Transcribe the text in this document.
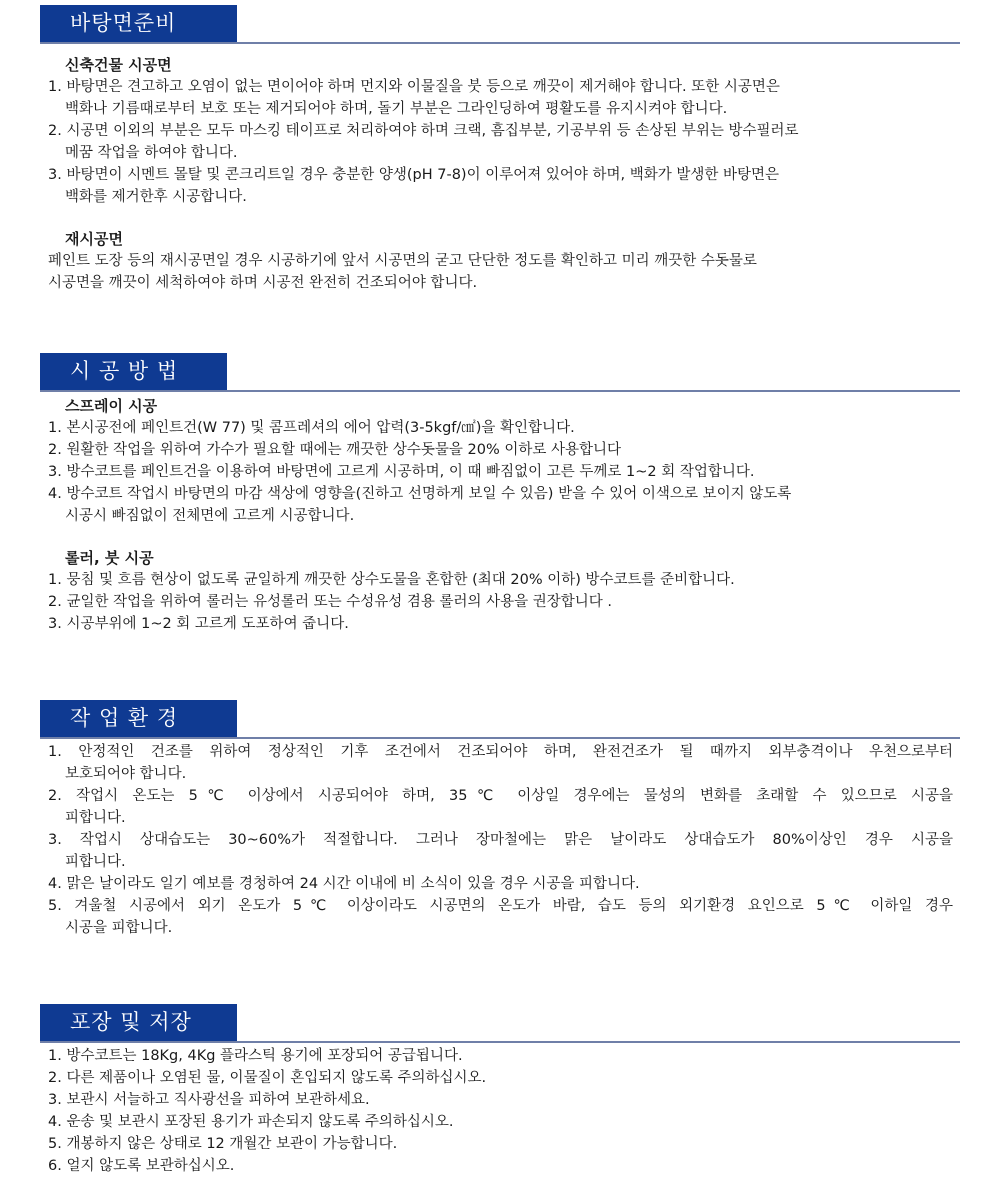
바탕면준비
신축건물 시공면
1. 바탕면은 견고하고 오염이 없는 면이어야 하며 먼지와 이물질을 붓 등으로 깨끗이 제거해야 합니다. 또한 시공면은
백화나 기름때로부터 보호 또는 제거되어야 하며, 돌기 부분은 그라인딩하여 평활도를 유지시켜야 합니다.
2. 시공면 이외의 부분은 모두 마스킹 테이프로 처리하여야 하며 크랙, 흠집부분, 기공부위 등 손상된 부위는 방수필러로
메꿈 작업을 하여야 합니다.
3. 바탕면이 시멘트 몰탈 및 콘크리트일 경우 충분한 양생(pH 7-8)이 이루어져 있어야 하며, 백화가 발생한 바탕면은
백화를 제거한후 시공합니다.
재시공면
페인트 도장 등의 재시공면일 경우 시공하기에 앞서 시공면의 굳고 단단한 정도를 확인하고 미리 깨끗한 수돗물로
시공면을 깨끗이 세척하여야 하며 시공전 완전히 건조되어야 합니다.
시 공 방 법
스프레이 시공
1. 본시공전에 페인트건(W 77) 및 콤프레셔의 에어 압력(3-5kgf/㎠)을 확인합니다.
2. 원활한 작업을 위하여 가수가 필요할 때에는 깨끗한 상수돗물을 20% 이하로 사용합니다
3. 방수코트를 페인트건을 이용하여 바탕면에 고르게 시공하며, 이 때 빠짐없이 고른 두께로 1~2 회 작업합니다.
4. 방수코트 작업시 바탕면의 마감 색상에 영향을(진하고 선명하게 보일 수 있음) 받을 수 있어 이색으로 보이지 않도록
시공시 빠짐없이 전체면에 고르게 시공합니다.
롤러, 붓 시공
1. 뭉침 및 흐름 현상이 없도록 균일하게 깨끗한 상수도물을 혼합한 (최대 20% 이하) 방수코트를 준비합니다.
2. 균일한 작업을 위하여 롤러는 유성롤러 또는 수성유성 겸용 롤러의 사용을 권장합니다 .
3. 시공부위에 1~2 회 고르게 도포하여 줍니다.
작 업 환 경
1. 안정적인 건조를 위하여 정상적인 기후 조건에서 건조되어야 하며, 완전건조가 될 때까지 외부충격이나 우천으로부터
보호되어야 합니다.
2. 작업시 온도는 5℃ 이상에서 시공되어야 하며, 35℃ 이상일 경우에는 물성의 변화를 초래할 수 있으므로 시공을
피합니다.
3. 작업시 상대습도는 30~60%가 적절합니다. 그러나 장마철에는 맑은 날이라도 상대습도가 80%이상인 경우 시공을
피합니다.
4. 맑은 날이라도 일기 예보를 경청하여 24 시간 이내에 비 소식이 있을 경우 시공을 피합니다.
5. 겨울철 시공에서 외기 온도가 5℃ 이상이라도 시공면의 온도가 바람, 습도 등의 외기환경 요인으로 5℃ 이하일 경우
시공을 피합니다.
포장 및 저장
1. 방수코트는 18Kg, 4Kg 플라스틱 용기에 포장되어 공급됩니다.
2. 다른 제품이나 오염된 물, 이물질이 혼입되지 않도록 주의하십시오.
3. 보관시 서늘하고 직사광선을 피하여 보관하세요.
4. 운송 및 보관시 포장된 용기가 파손되지 않도록 주의하십시오.
5. 개봉하지 않은 상태로 12 개월간 보관이 가능합니다.
6. 얼지 않도록 보관하십시오.
